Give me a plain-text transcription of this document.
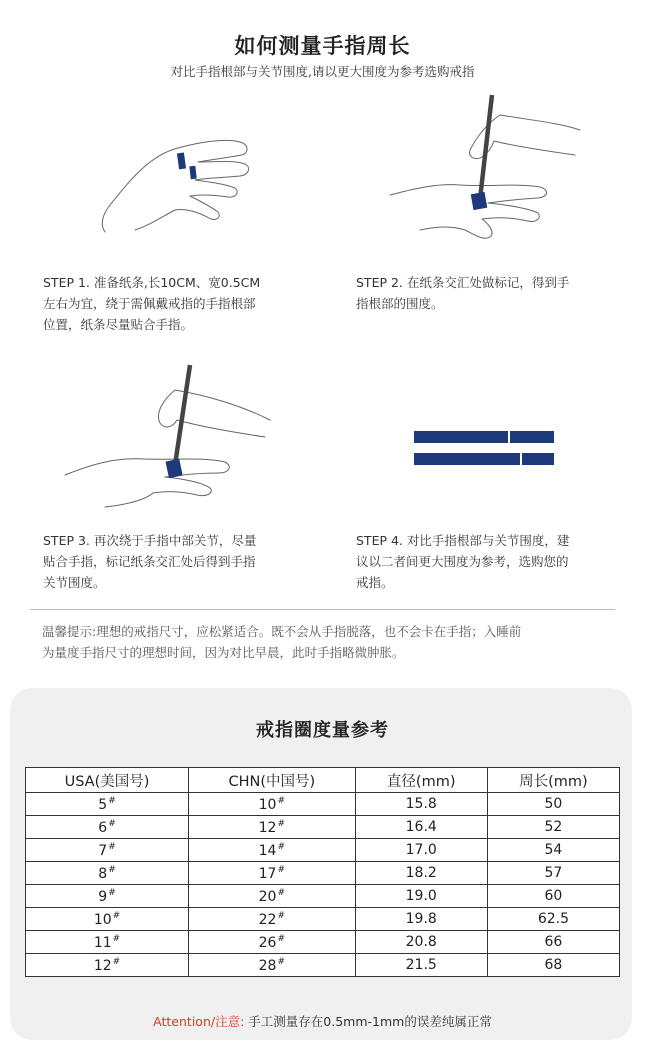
如何测量手指周长
对比手指根部与关节围度,请以更大围度为参考选购戒指
STEP 1. 准备纸条,长10CM、宽0.5CM
左右为宜，绕于需佩戴戒指的手指根部
位置，纸条尽量贴合手指。
STEP 2. 在纸条交汇处做标记，得到手
指根部的围度。
STEP 3. 再次绕于手指中部关节，尽量
贴合手指，标记纸条交汇处后得到手指
关节围度。
STEP 4. 对比手指根部与关节围度，建
议以二者间更大围度为参考，选购您的
戒指。
温馨提示:理想的戒指尺寸，应松紧适合。既不会从手指脱落，也不会卡在手指；入睡前
为量度手指尺寸的理想时间，因为对比早晨，此时手指略微肿胀。
戒指圈度量参考
USA(美国号)	CHN(中国号)	直径(mm)	周长(mm)
5#	10#	15.8	50
6#	12#	16.4	52
7#	14#	17.0	54
8#	17#	18.2	57
9#	20#	19.0	60
10#	22#	19.8	62.5
11#	26#	20.8	66
12#	28#	21.5	68
Attention/注意: 手工测量存在0.5mm-1mm的误差纯属正常
